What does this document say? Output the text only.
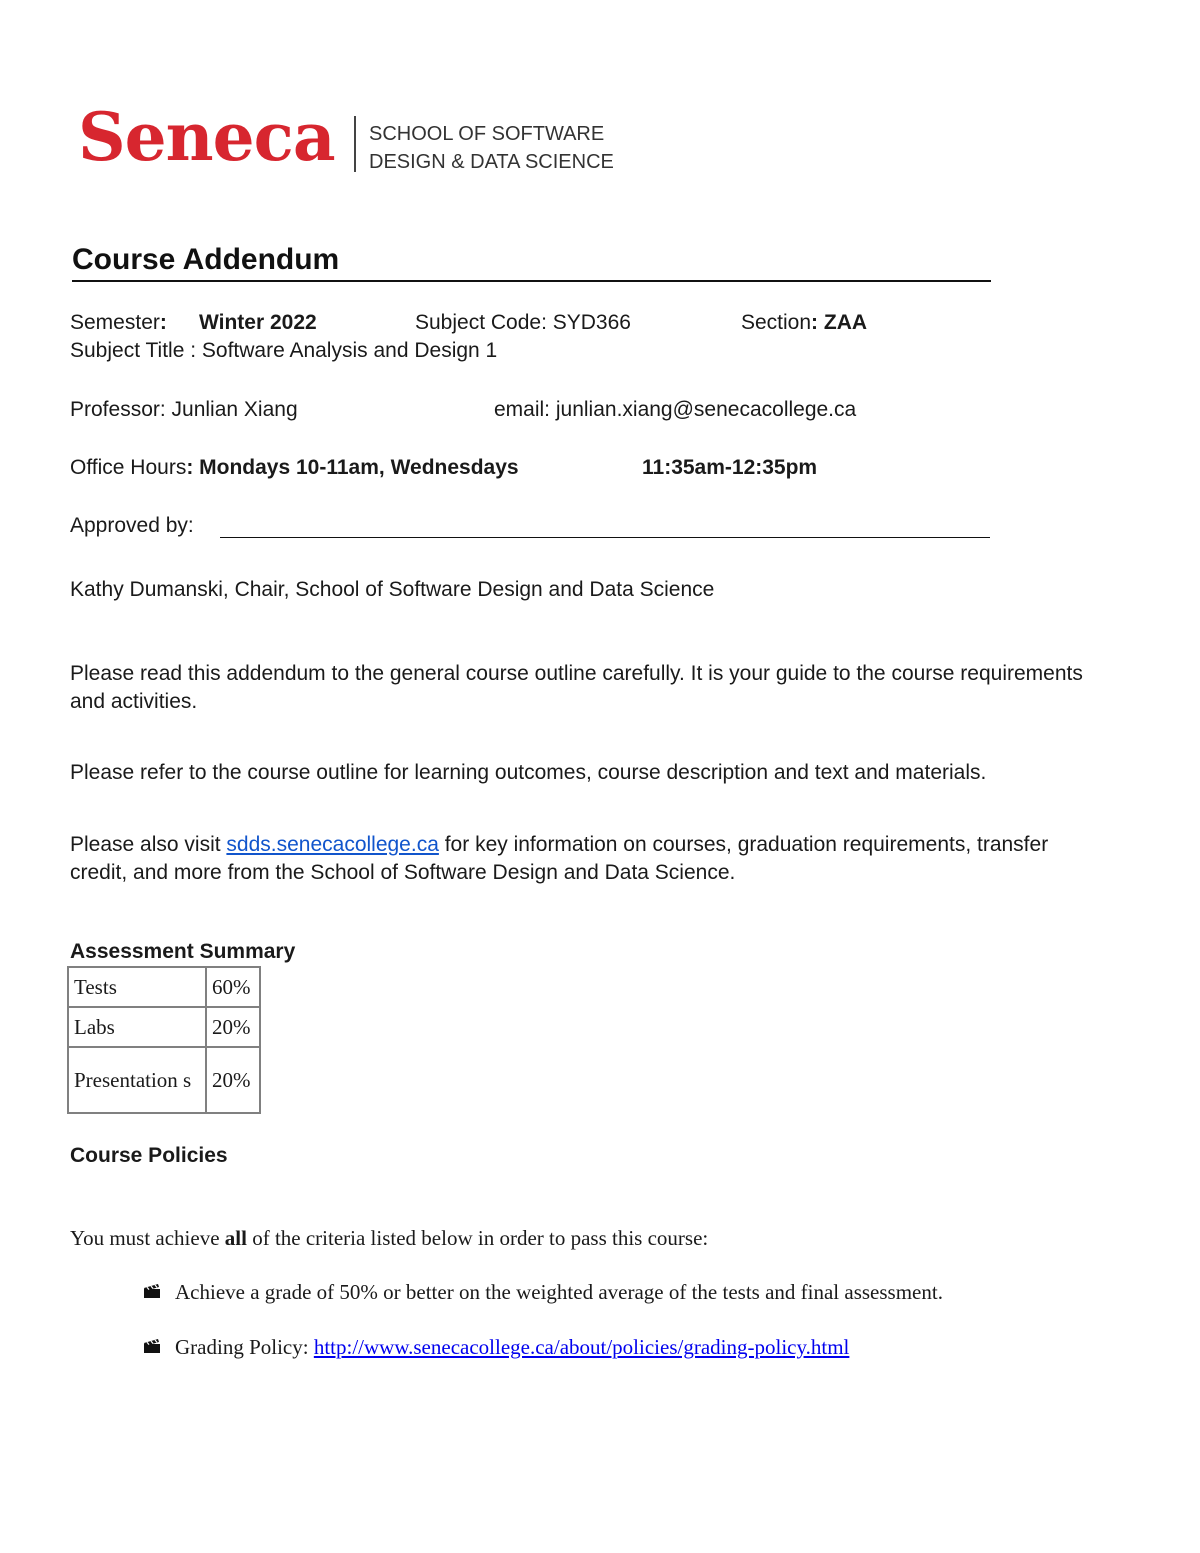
Seneca SCHOOL OF SOFTWARE
DESIGN & DATA SCIENCE
Course Addendum
Semester: Winter 2022	Subject Code: SYD366	Section: ZAA
Subject Title : Software Analysis and Design 1
Professor: Junlian Xiang	email: junlian.xiang@senecacollege.ca
Office Hours: Mondays 10-11am, Wednesdays	11:35am-12:35pm
Approved by:
Kathy Dumanski, Chair, School of Software Design and Data Science
Please read this addendum to the general course outline carefully. It is your guide to the course requirements and activities.
Please refer to the course outline for learning outcomes, course description and text and materials.
Please also visit sdds.senecacollege.ca for key information on courses, graduation requirements, transfer credit, and more from the School of Software Design and Data Science.
Assessment Summary
Tests	60%
Labs	20%
Presentation s	20%
Course Policies
You must achieve all of the criteria listed below in order to pass this course:
Achieve a grade of 50% or better on the weighted average of the tests and final assessment.
Grading Policy: http://www.senecacollege.ca/about/policies/grading-policy.html
